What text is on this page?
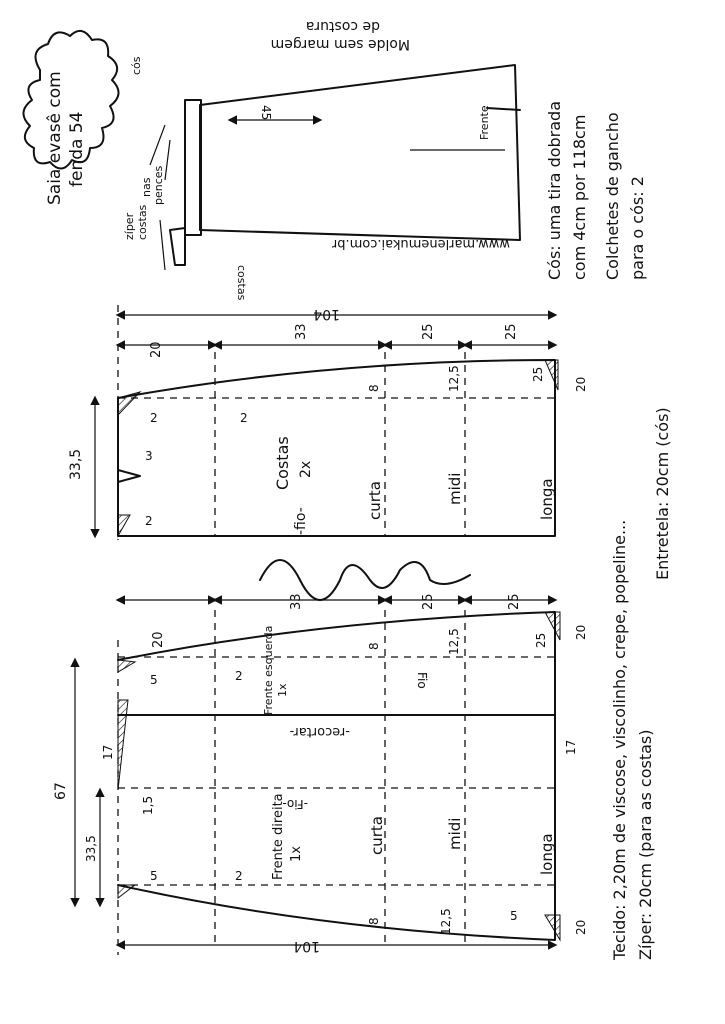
Saia evasê com fenda 54	45	Frente
cós
zíper costas
pences
nas
costas
Molde sem margem
de costura
www.marlenemukai.com.br Cós: uma tira dobrada com 4cm por 118cm Colchetes de gancho para o cós: 2
Tecido: 2,20m de viscose, viscolinho, crepe, popeline... Zíper: 20cm (para as costas)
Entretela: 20cm (cós)
104
33,5
20
33	25	25
8	12,5	25
20
2	2
3
2
Costas 2x
-fio-
curta	midi	longa
104
67
33,5
17	17
1,5
5
5
5
2
2
20
33	25	25
8
8
12,5
12,5
25
20
20
Frente esquerda 1x
-recortar-
Fio
-Fio-
Frente direita 1x	curta	midi	longa
